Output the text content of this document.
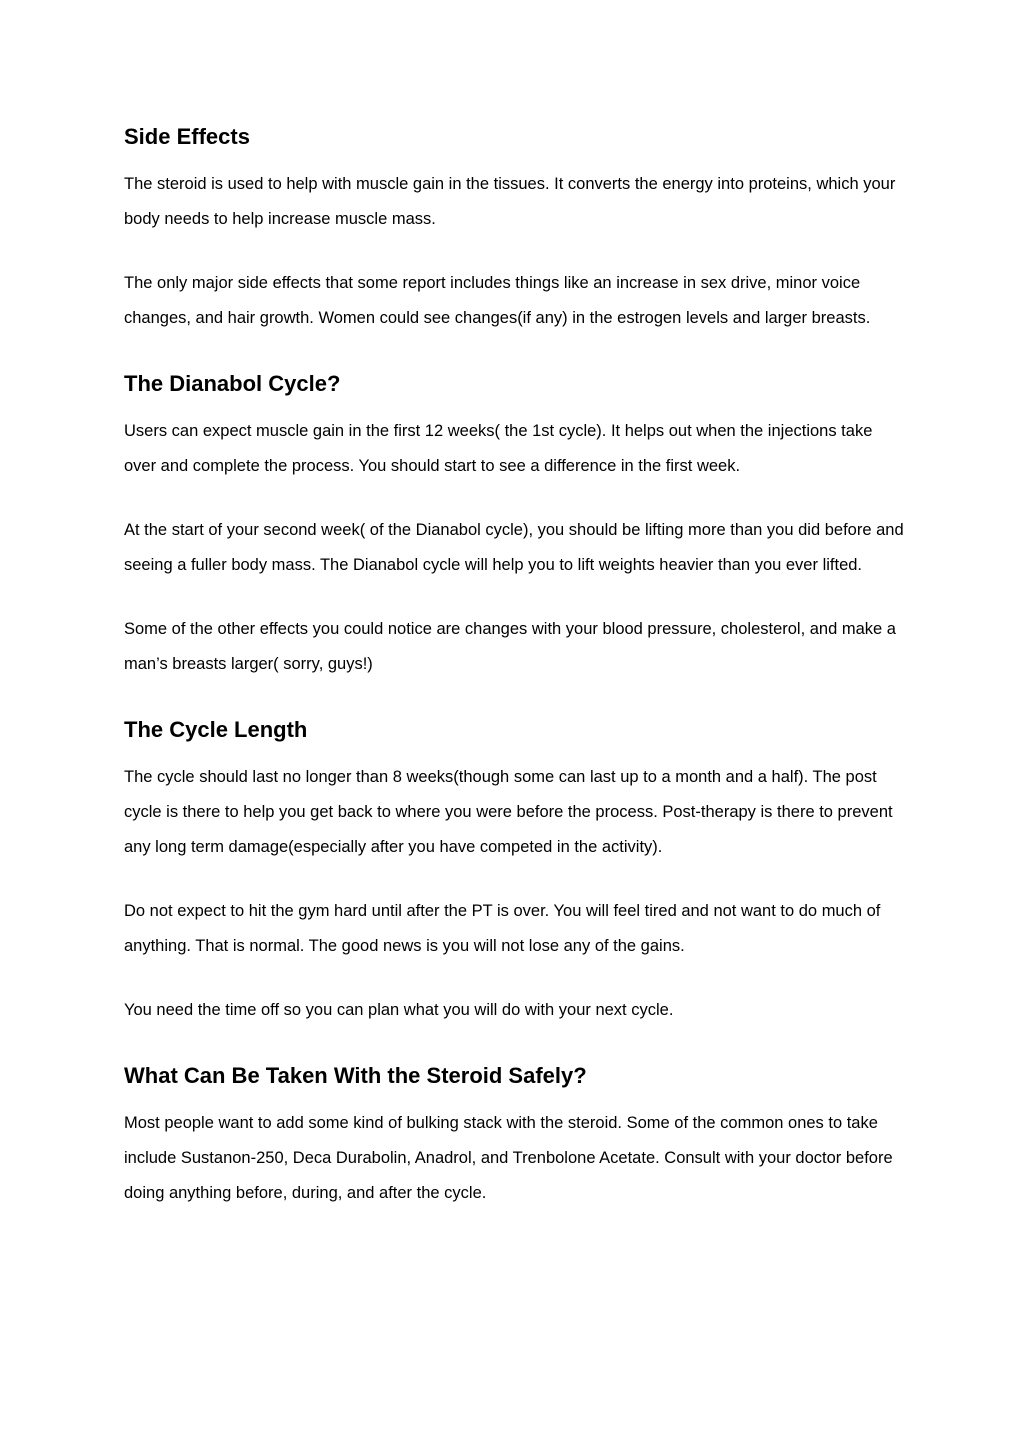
Side Effects

The steroid is used to help with muscle gain in the tissues. It converts the energy into proteins, which your body needs to help increase muscle mass.

The only major side effects that some report includes things like an increase in sex drive, minor voice changes, and hair growth. Women could see changes(if any) in the estrogen levels and larger breasts.

The Dianabol Cycle?

Users can expect muscle gain in the first 12 weeks( the 1st cycle). It helps out when the injections take over and complete the process. You should start to see a difference in the first week.

At the start of your second week( of the Dianabol cycle), you should be lifting more than you did before and seeing a fuller body mass. The Dianabol cycle will help you to lift weights heavier than you ever lifted.

Some of the other effects you could notice are changes with your blood pressure, cholesterol, and make a man’s breasts larger( sorry, guys!)

The Cycle Length

The cycle should last no longer than 8 weeks(though some can last up to a month and a half). The post cycle is there to help you get back to where you were before the process. Post-therapy is there to prevent any long term damage(especially after you have competed in the activity).

Do not expect to hit the gym hard until after the PT is over. You will feel tired and not want to do much of anything. That is normal. The good news is you will not lose any of the gains.

You need the time off so you can plan what you will do with your next cycle.

What Can Be Taken With the Steroid Safely?

Most people want to add some kind of bulking stack with the steroid. Some of the common ones to take include Sustanon-250, Deca Durabolin, Anadrol, and Trenbolone Acetate. Consult with your doctor before doing anything before, during, and after the cycle.
